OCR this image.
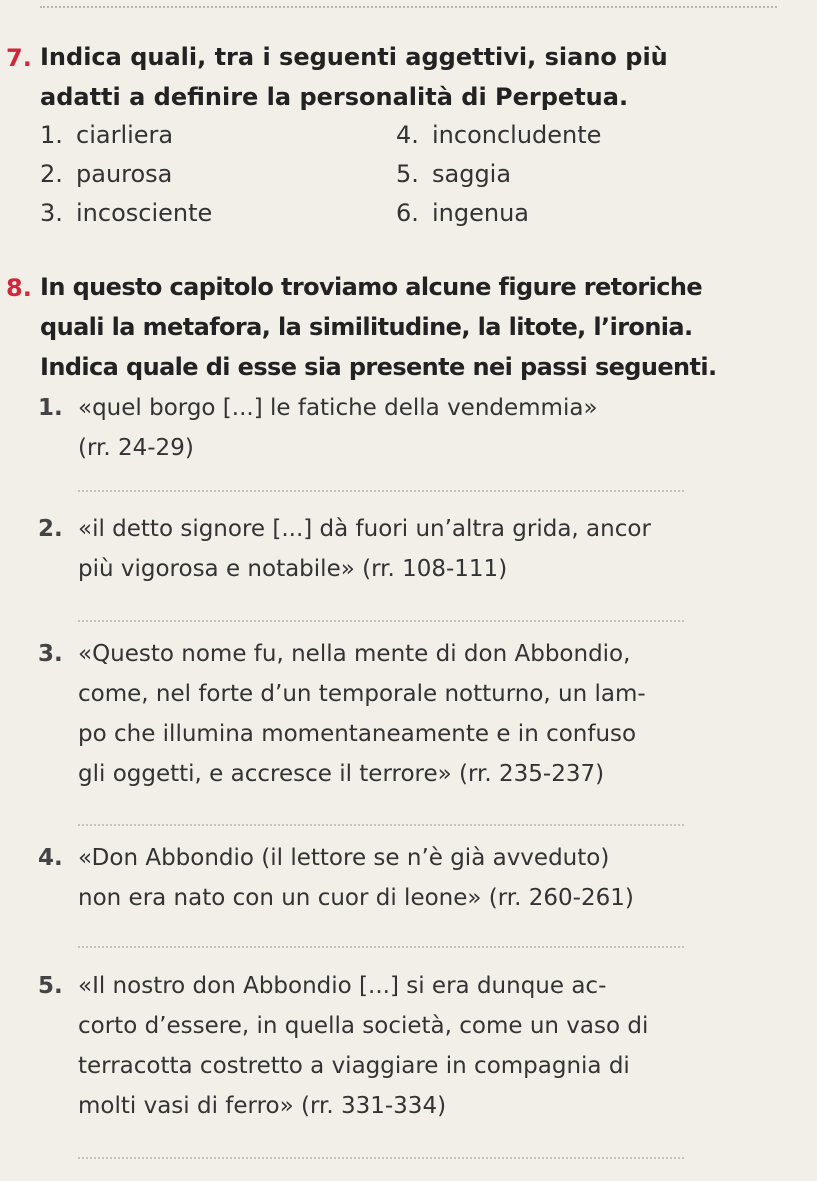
7. Indica quali, tra i seguenti aggettivi, siano più
adatti a definire la personalità di Perpetua.
1. ciarliera
2. paurosa
3. incosciente
4. inconcludente
5. saggia
6. ingenua
8. In questo capitolo troviamo alcune figure retoriche
quali la metafora, la similitudine, la litote, l’ironia.
Indica quale di esse sia presente nei passi seguenti.
1. «quel borgo [...] le fatiche della vendemmia»
(rr. 24-29)
2. «il detto signore [...] dà fuori un’altra grida, ancor
più vigorosa e notabile» (rr. 108-111)
3. «Questo nome fu, nella mente di don Abbondio,
come, nel forte d’un temporale notturno, un lam-
po che illumina momentaneamente e in confuso
gli oggetti, e accresce il terrore» (rr. 235-237)
4. «Don Abbondio (il lettore se n’è già avveduto)
non era nato con un cuor di leone» (rr. 260-261)
5. «Il nostro don Abbondio [...] si era dunque ac-
corto d’essere, in quella società, come un vaso di
terracotta costretto a viaggiare in compagnia di
molti vasi di ferro» (rr. 331-334)
